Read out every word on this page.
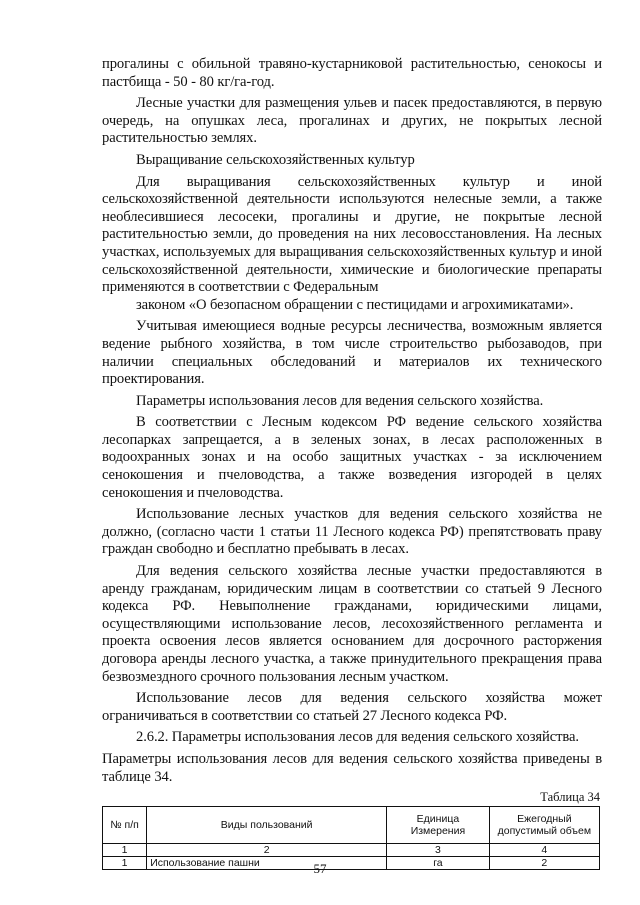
прогалины с обильной травяно-кустарниковой растительностью, сенокосы и пастбища - 50 - 80 кг/га-год.

Лесные участки для размещения ульев и пасек предоставляются, в первую очередь, на опушках леса, прогалинах и других, не покрытых лесной растительностью землях.

Выращивание сельскохозяйственных культур

Для выращивания сельскохозяйственных культур и иной сельскохозяйственной деятельности используются нелесные земли, а также необлесившиеся лесосеки, прогалины и другие, не покрытые лесной растительностью земли, до проведения на них лесовосстановления. На лесных участках, используемых для выращивания сельскохозяйственных культур и иной сельскохозяйственной деятельности, химические и биологические препараты применяются в соответствии с Федеральным

законом «О безопасном обращении с пестицидами и агрохимикатами».

Учитывая имеющиеся водные ресурсы лесничества, возможным является ведение рыбного хозяйства, в том числе строительство рыбозаводов, при наличии специальных обследований и материалов их технического проектирования.

Параметры использования лесов для ведения сельского хозяйства.

В соответствии с Лесным кодексом РФ ведение сельского хозяйства лесопарках запрещается, а в зеленых зонах, в лесах расположенных в водоохранных зонах и на особо защитных участках - за исключением сенокошения и пчеловодства, а также возведения изгородей в целях сенокошения и пчеловодства.

Использование лесных участков для ведения сельского хозяйства не должно, (согласно части 1 статьи 11 Лесного кодекса РФ) препятствовать праву граждан свободно и бесплатно пребывать в лесах.

Для ведения сельского хозяйства лесные участки предоставляются в аренду гражданам, юридическим лицам в соответствии со статьей 9 Лесного кодекса РФ. Невыполнение гражданами, юридическими лицами, осуществляющими использование лесов, лесохозяйственного регламента и проекта освоения лесов является основанием для досрочного расторжения договора аренды лесного участка, а также принудительного прекращения права безвозмездного срочного пользования лесным участком.

Использование лесов для ведения сельского хозяйства может ограничиваться в соответствии со статьей 27 Лесного кодекса РФ.

2.6.2. Параметры использования лесов для ведения сельского хозяйства.

Параметры использования лесов для ведения сельского хозяйства приведены в таблице 34.

Таблица 34
№ п/п	Виды пользований	Единица Измерения	Ежегодный допустимый объем
1	2	3	4
1	Использование пашни	га	2
57
